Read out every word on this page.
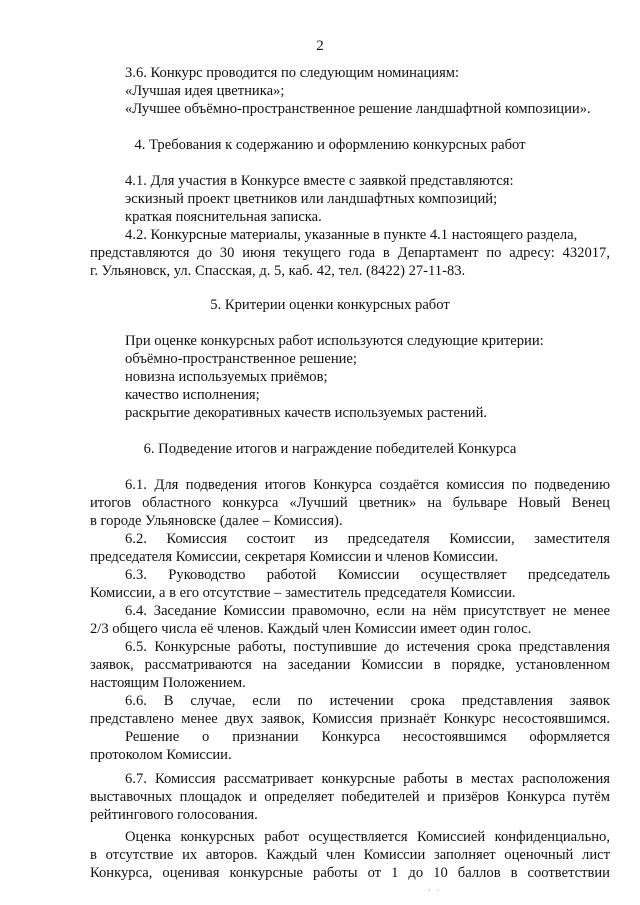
2
3.6. Конкурс проводится по следующим номинациям:
«Лучшая идея цветника»;
«Лучшее объёмно-пространственное решение ландшафтной композиции».
4. Требования к содержанию и оформлению конкурсных работ
4.1. Для участия в Конкурсе вместе с заявкой представляются:
эскизный проект цветников или ландшафтных композиций;
краткая пояснительная записка.
4.2. Конкурсные материалы, указанные в пункте 4.1 настоящего раздела,
представляются до 30 июня текущего года в Департамент по адресу: 432017,
г. Ульяновск, ул. Спасская, д. 5, каб. 42, тел. (8422) 27-11-83.
5. Критерии оценки конкурсных работ
При оценке конкурсных работ используются следующие критерии:
объёмно-пространственное решение;
новизна используемых приёмов;
качество исполнения;
раскрытие декоративных качеств используемых растений.
6. Подведение итогов и награждение победителей Конкурса
6.1. Для подведения итогов Конкурса создаётся комиссия по подведению
итогов областного конкурса «Лучший цветник» на бульваре Новый Венец
в городе Ульяновске (далее – Комиссия).
6.2. Комиссия состоит из председателя Комиссии, заместителя
председателя Комиссии, секретаря Комиссии и членов Комиссии.
6.3. Руководство работой Комиссии осуществляет председатель
Комиссии, а в его отсутствие – заместитель председателя Комиссии.
6.4. Заседание Комиссии правомочно, если на нём присутствует не менее
2/3 общего числа её членов. Каждый член Комиссии имеет один голос.
6.5. Конкурсные работы, поступившие до истечения срока представления
заявок, рассматриваются на заседании Комиссии в порядке, установленном
настоящим Положением.
6.6. В случае, если по истечении срока представления заявок
представлено менее двух заявок, Комиссия признаёт Конкурс несостоявшимся.
Решение о признании Конкурса несостоявшимся оформляется
протоколом Комиссии.
6.7. Комиссия рассматривает конкурсные работы в местах расположения
выставочных площадок и определяет победителей и призёров Конкурса путём
рейтингового голосования.
Оценка конкурсных работ осуществляется Комиссией конфиденциально,
в отсутствие их авторов. Каждый член Комиссии заполняет оценочный лист
Конкурса, оценивая конкурсные работы от 1 до 10 баллов в соответствии
· ·
